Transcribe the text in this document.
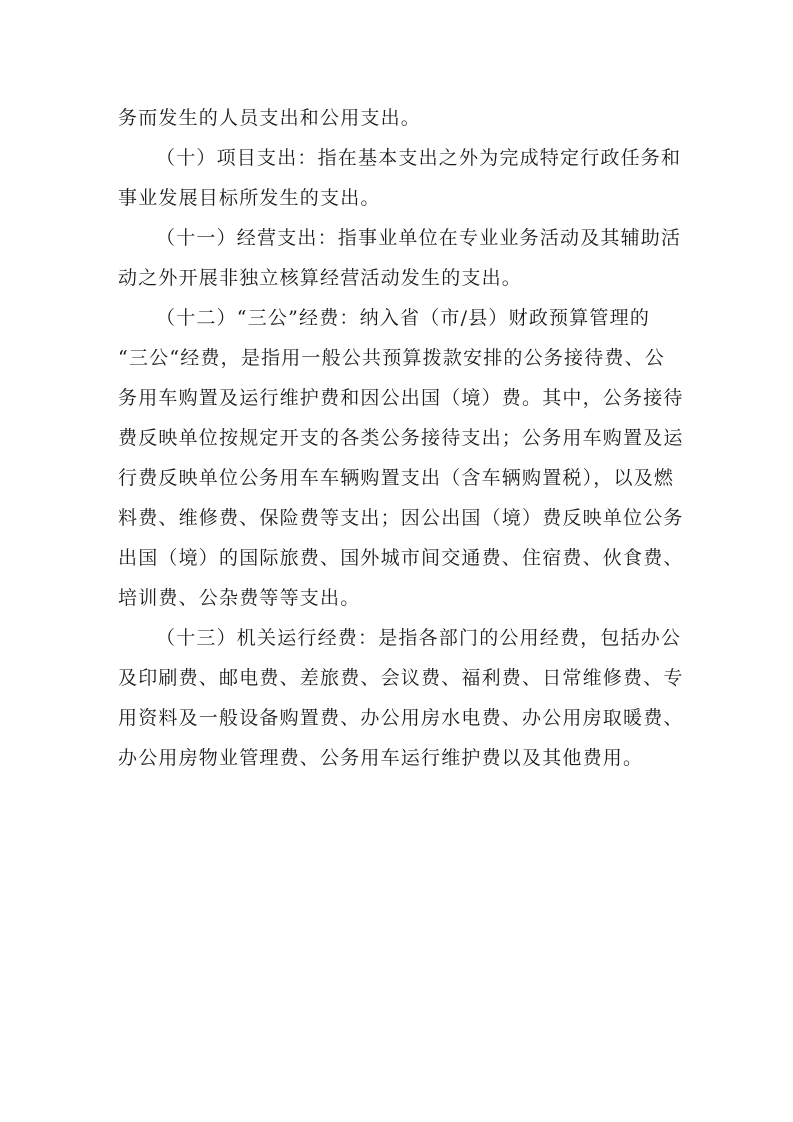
务而发生的人员支出和公用支出。

（十）项目支出：指在基本支出之外为完成特定行政任务和
事业发展目标所发生的支出。

（十一）经营支出：指事业单位在专业业务活动及其辅助活
动之外开展非独立核算经营活动发生的支出。

（十二）“三公”经费：纳入省（市/县）财政预算管理的
“三公“经费，是指用一般公共预算拨款安排的公务接待费、公
务用车购置及运行维护费和因公出国（境）费。其中，公务接待
费反映单位按规定开支的各类公务接待支出；公务用车购置及运
行费反映单位公务用车车辆购置支出（含车辆购置税），以及燃
料费、维修费、保险费等支出；因公出国（境）费反映单位公务
出国（境）的国际旅费、国外城市间交通费、住宿费、伙食费、
培训费、公杂费等等支出。

（十三）机关运行经费：是指各部门的公用经费，包括办公
及印刷费、邮电费、差旅费、会议费、福利费、日常维修费、专
用资料及一般设备购置费、办公用房水电费、办公用房取暖费、
办公用房物业管理费、公务用车运行维护费以及其他费用。
